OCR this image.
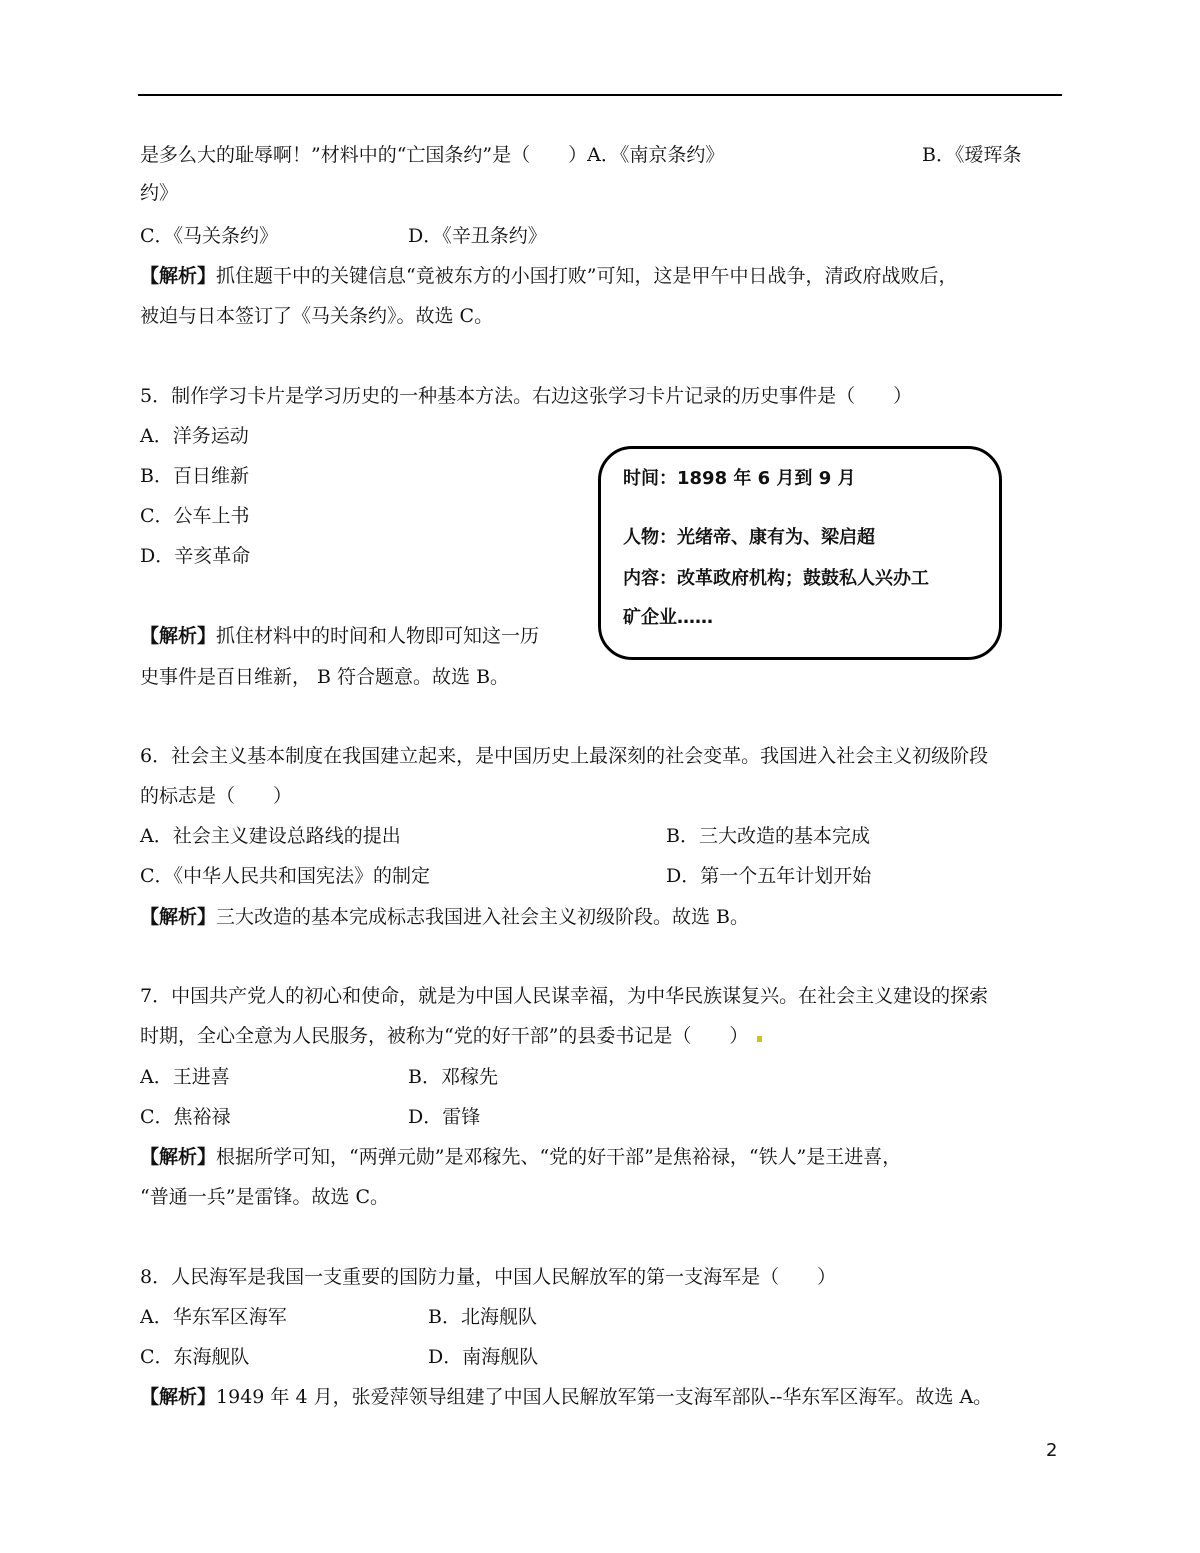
是多么大的耻辱啊！”材料中的“亡国条约”是（　　）A．《南京条约》	B．《瑷珲条
约》
C．《马关条约》	D．《辛丑条约》
【解析】抓住题干中的关键信息“竟被东方的小国打败”可知，这是甲午中日战争，清政府战败后，
被迫与日本签订了《马关条约》。故选 C。
5．制作学习卡片是学习历史的一种基本方法。右边这张学习卡片记录的历史事件是（　　）
A．洋务运动
B．百日维新
C．公车上书
D．辛亥革命
【解析】抓住材料中的时间和人物即可知这一历
史事件是百日维新， B 符合题意。故选 B。
时间：1898 年 6 月到 9 月
人物：光绪帝、康有为、梁启超
内容：改革政府机构；鼓鼓私人兴办工
矿企业……
6．社会主义基本制度在我国建立起来，是中国历史上最深刻的社会变革。我国进入社会主义初级阶段
的标志是（　　）
A．社会主义建设总路线的提出	B．三大改造的基本完成
C．《中华人民共和国宪法》的制定	D．第一个五年计划开始
【解析】三大改造的基本完成标志我国进入社会主义初级阶段。故选 B。
7．中国共产党人的初心和使命，就是为中国人民谋幸福，为中华民族谋复兴。在社会主义建设的探索
时期，全心全意为人民服务，被称为“党的好干部”的县委书记是（　　）
A．王进喜	B．邓稼先
C．焦裕禄	D．雷锋
【解析】根据所学可知，“两弹元勋”是邓稼先、“党的好干部”是焦裕禄，“铁人”是王进喜，
“普通一兵”是雷锋。故选 C。
8．人民海军是我国一支重要的国防力量，中国人民解放军的第一支海军是（　　）
A．华东军区海军	B．北海舰队
C．东海舰队	D．南海舰队
【解析】1949 年 4 月，张爱萍领导组建了中国人民解放军第一支海军部队--华东军区海军。故选 A。
2
